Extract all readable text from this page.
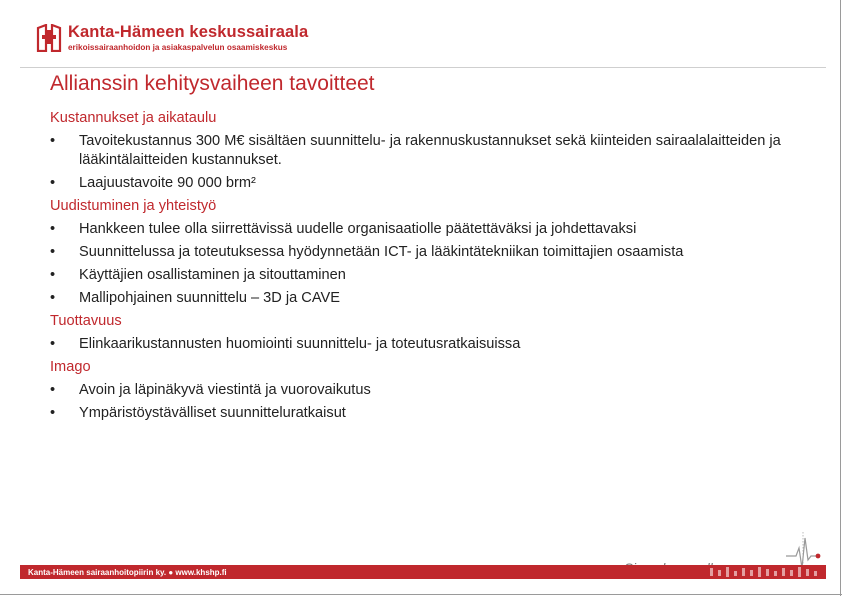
Kanta-Hämeen keskussairaala
erikoissairaanhoidon ja asiakaspalvelun osaamiskeskus
Allianssin kehitysvaiheen tavoitteet

Kustannukset ja aikataulu

•	Tavoitekustannus 300 M€ sisältäen suunnittelu- ja rakennuskustannukset sekä kiinteiden sairaalalaitteiden ja lääkintälaitteiden kustannukset.

•	Laajuustavoite 90 000 brm²

Uudistuminen ja yhteistyö

•	Hankkeen tulee olla siirrettävissä uudelle organisaatiolle päätettäväksi ja johdettavaksi

•	Suunnittelussa ja toteutuksessa hyödynnetään ICT- ja lääkintätekniikan toimittajien osaamista

•	Käyttäjien osallistaminen ja sitouttaminen

•	Mallipohjainen suunnittelu – 3D ja CAVE

Tuottavuus

•	Elinkaarikustannusten huomiointi suunnittelu- ja toteutusratkaisuissa

Imago

•	Avoin ja läpinäkyvä viestintä ja vuorovaikutus

•	Ympäristöystävälliset suunnitteluratkaisut

Kanta-Hämeen sairaanhoitopiirin ky. ● www.khshp.fi
